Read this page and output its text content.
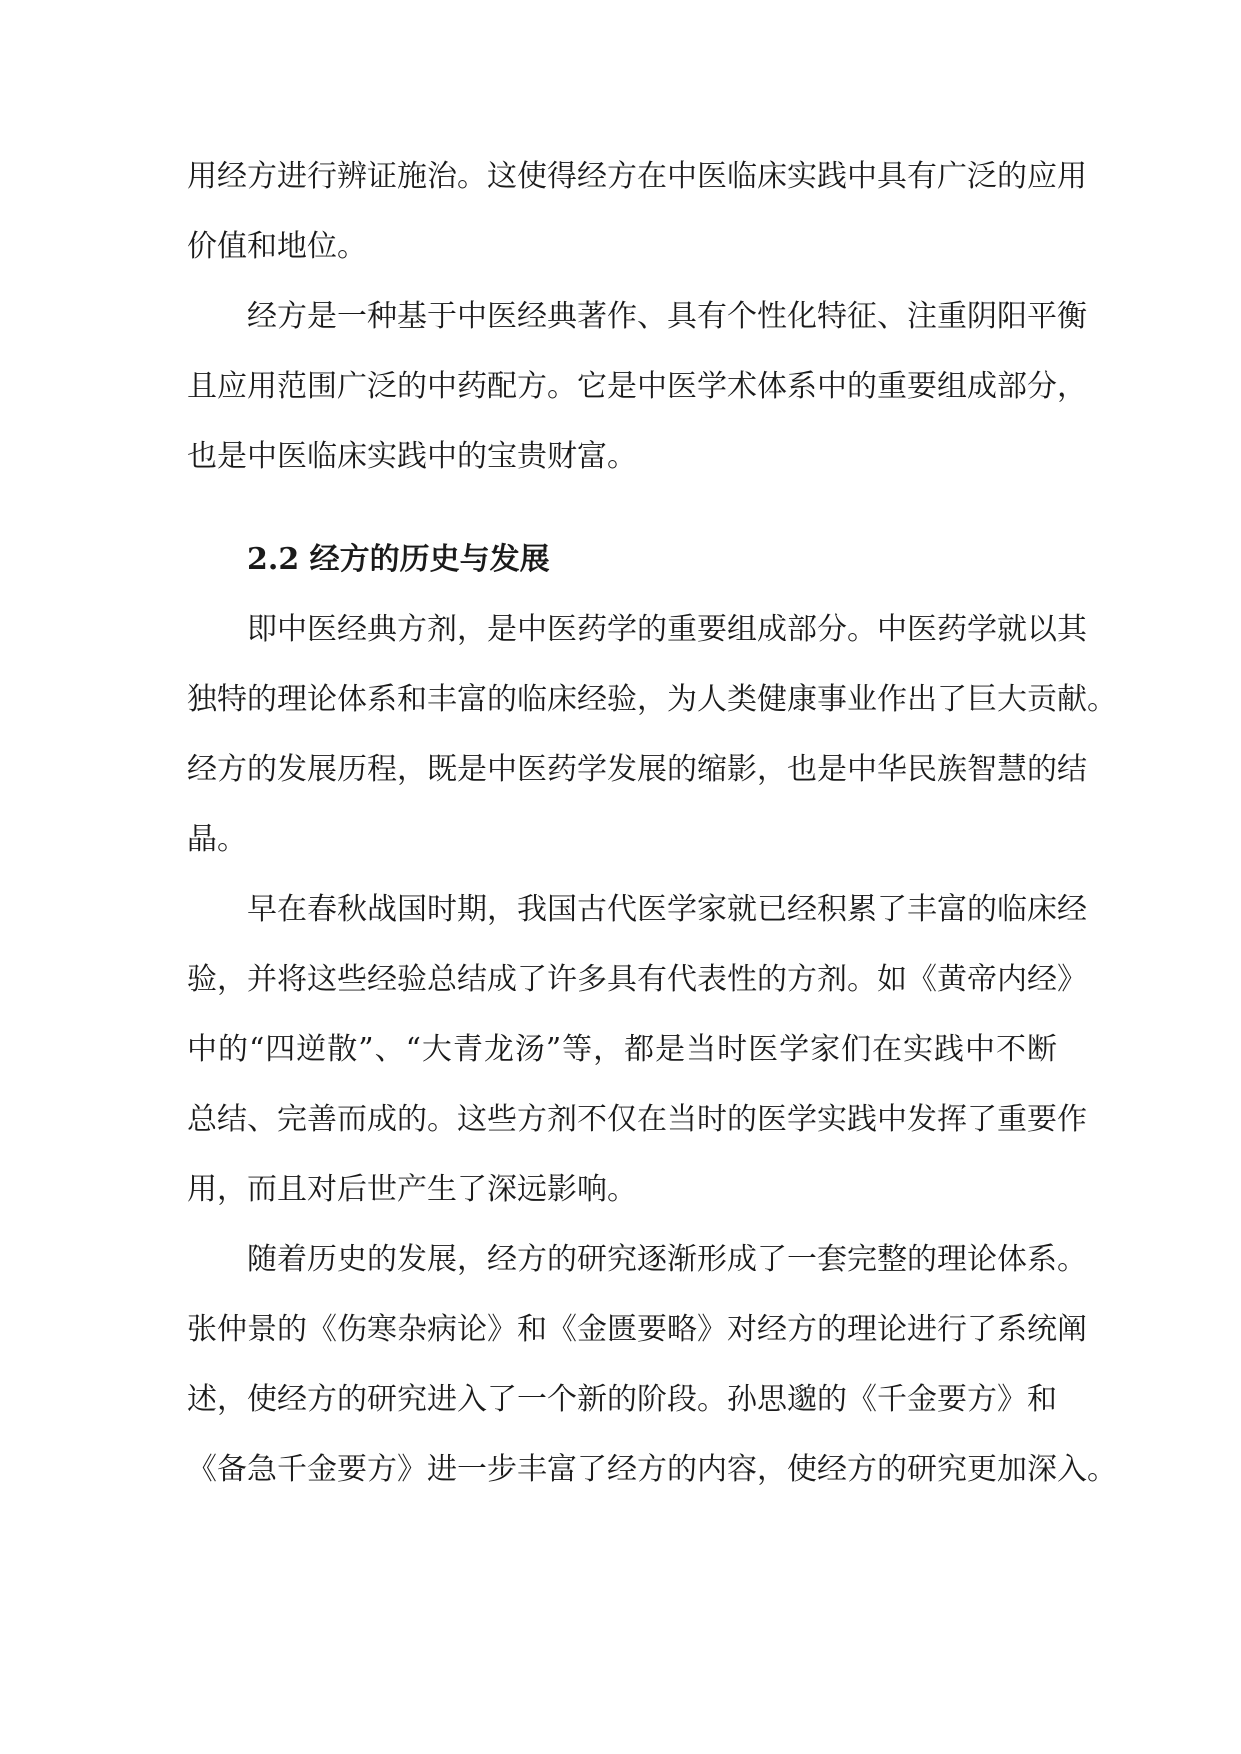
用经方进行辨证施治。这使得经方在中医临床实践中具有广泛的应用
价值和地位。
经方是一种基于中医经典著作、具有个性化特征、注重阴阳平衡
且应用范围广泛的中药配方。它是中医学术体系中的重要组成部分，
也是中医临床实践中的宝贵财富。
2.2 经方的历史与发展
即中医经典方剂，是中医药学的重要组成部分。中医药学就以其
独特的理论体系和丰富的临床经验，为人类健康事业作出了巨大贡献。
经方的发展历程，既是中医药学发展的缩影，也是中华民族智慧的结
晶。
早在春秋战国时期，我国古代医学家就已经积累了丰富的临床经
验，并将这些经验总结成了许多具有代表性的方剂。如《黄帝内经》
中的“四逆散”、“大青龙汤”等，都是当时医学家们在实践中不断
总结、完善而成的。这些方剂不仅在当时的医学实践中发挥了重要作
用，而且对后世产生了深远影响。
随着历史的发展，经方的研究逐渐形成了一套完整的理论体系。
张仲景的《伤寒杂病论》和《金匮要略》对经方的理论进行了系统阐
述，使经方的研究进入了一个新的阶段。孙思邈的《千金要方》和
《备急千金要方》进一步丰富了经方的内容，使经方的研究更加深入。
